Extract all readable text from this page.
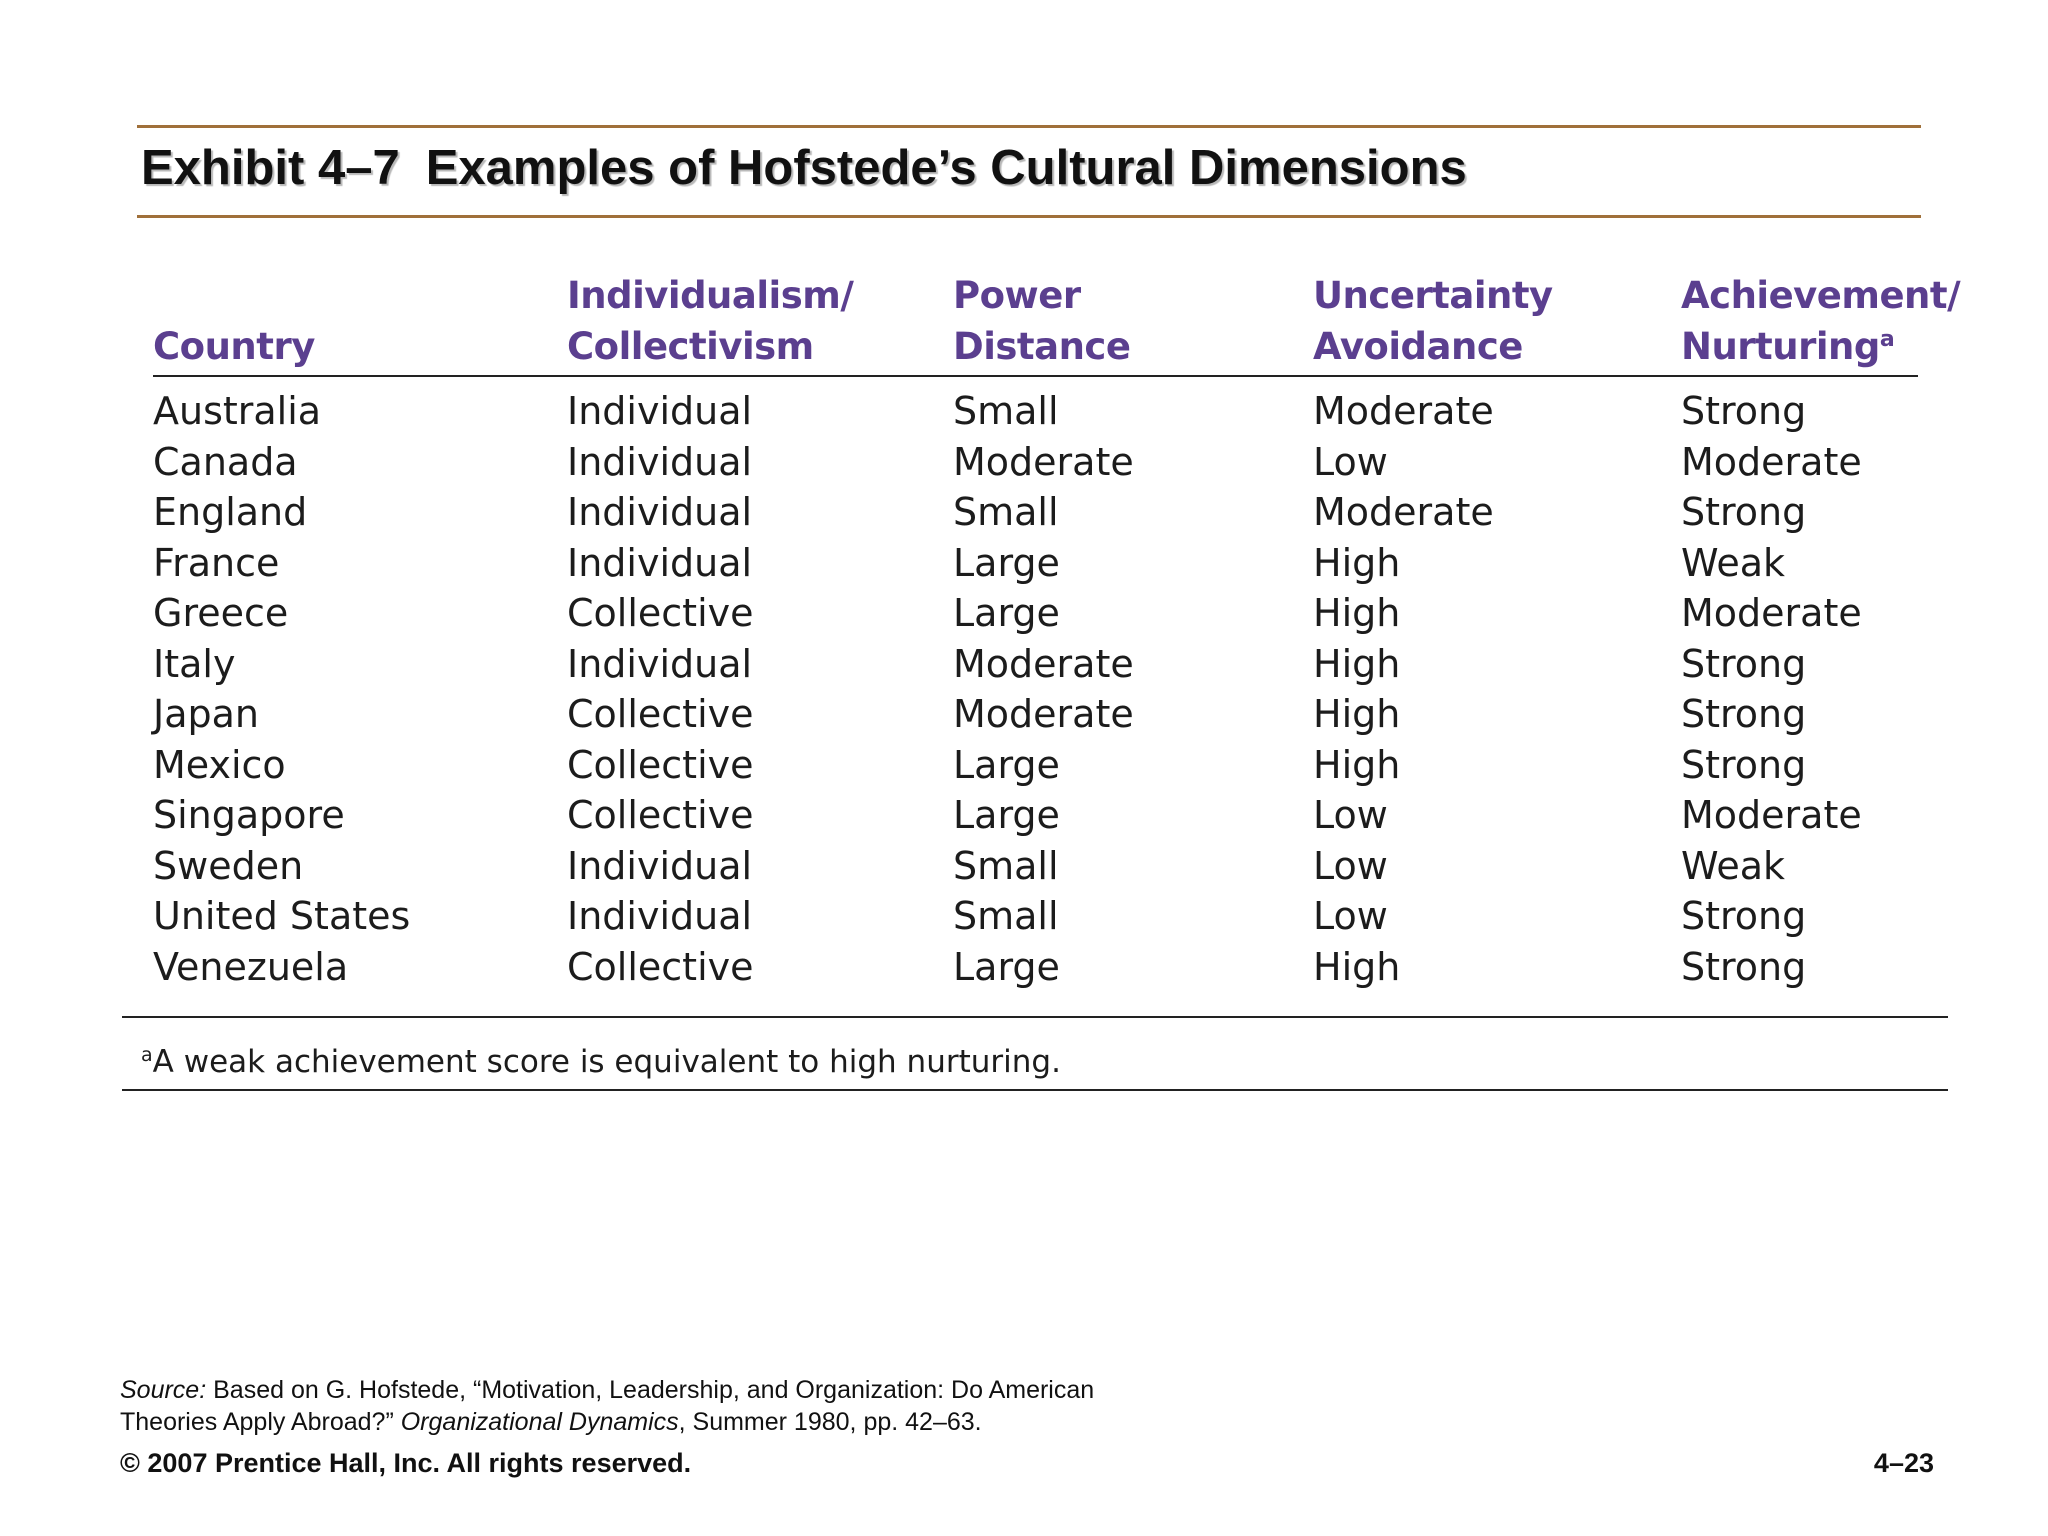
Exhibit 4–7 Examples of Hofstede’s Cultural Dimensions
Country
Individualism/
Collectivism
Power
Distance
Uncertainty
Avoidance
Achievement/
Nurturing$^a$
Australia	Individual	Small	Moderate	Strong
Canada	Individual	Moderate	Low	Moderate
England	Individual	Small	Moderate	Strong
France	Individual	Large	High	Weak
Greece	Collective	Large	High	Moderate
Italy	Individual	Moderate	High	Strong
Japan	Collective	Moderate	High	Strong
Mexico	Collective	Large	High	Strong
Singapore	Collective	Large	Low	Moderate
Sweden	Individual	Small	Low	Weak
United States	Individual	Small	Low	Strong
Venezuela	Collective	Large	High	Strong
$^a$A weak achievement score is equivalent to high nurturing.
Source: Based on G. Hofstede, “Motivation, Leadership, and Organization: Do American
Theories Apply Abroad?” Organizational Dynamics, Summer 1980, pp. 42–63.
© 2007 Prentice Hall, Inc. All rights reserved.	4–23
